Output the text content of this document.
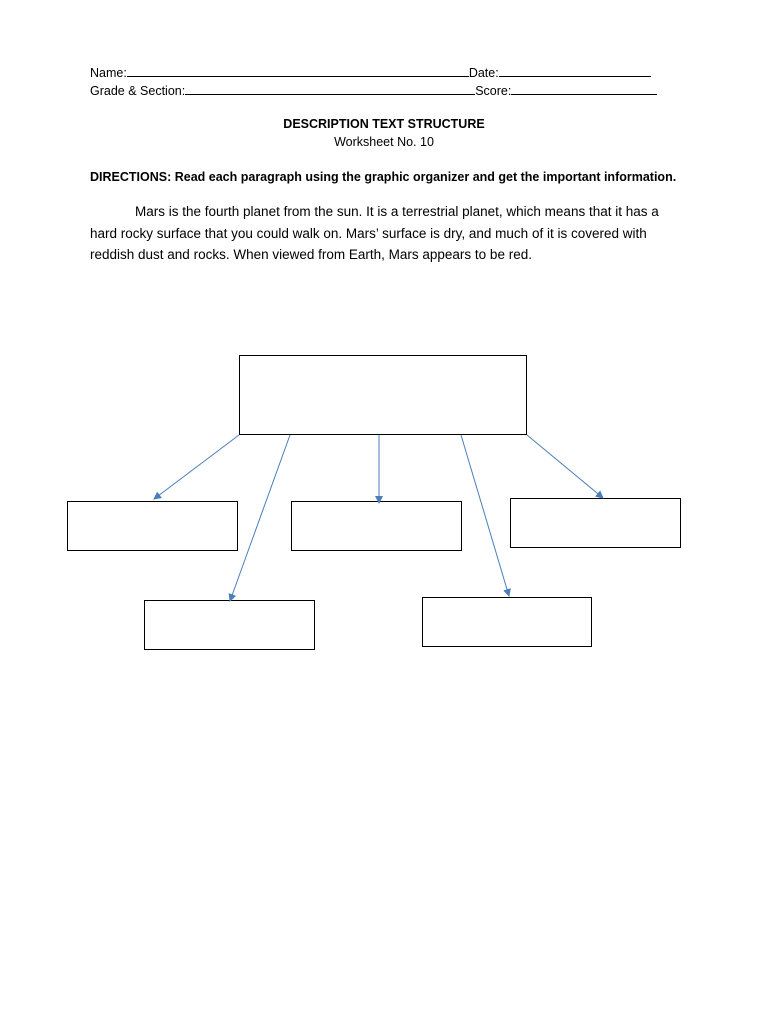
Name:	Date:
Grade & Section:	Score:
DESCRIPTION TEXT STRUCTURE
Worksheet No. 10
DIRECTIONS: Read each paragraph using the graphic organizer and get the important information.
Mars is the fourth planet from the sun. It is a terrestrial planet, which means that it has a hard rocky surface that you could walk on. Mars’ surface is dry, and much of it is covered with reddish dust and rocks. When viewed from Earth, Mars appears to be red.
